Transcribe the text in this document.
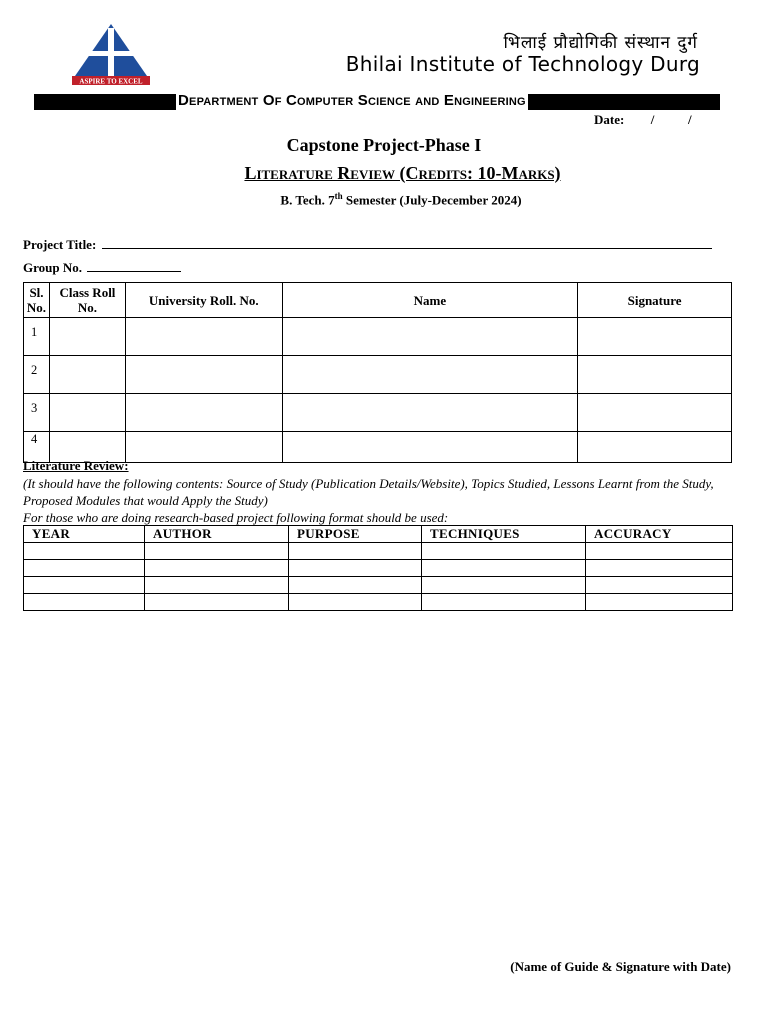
ASPIRE TO EXCEL
भिलाई प्रौद्योगिकी संस्थान दुर्ग
Bhilai Institute of Technology Durg
Department Of Computer Science and Engineering
Date: /	/
Capstone Project-Phase I
Literature Review (Credits: 10-Marks)
B. Tech. 7th Semester (July-December 2024)
Project Title:
Group No.
Sl. No.	Class Roll No.	University Roll. No.	Name	Signature
1				
2				
3				
4				
Literature Review:
(It should have the following contents: Source of Study (Publication Details/Website), Topics Studied, Lessons Learnt from the Study, Proposed Modules that would Apply the Study)
For those who are doing research-based project following format should be used:
YEAR	AUTHOR	PURPOSE	TECHNIQUES	ACCURACY

(Name of Guide & Signature with Date)
